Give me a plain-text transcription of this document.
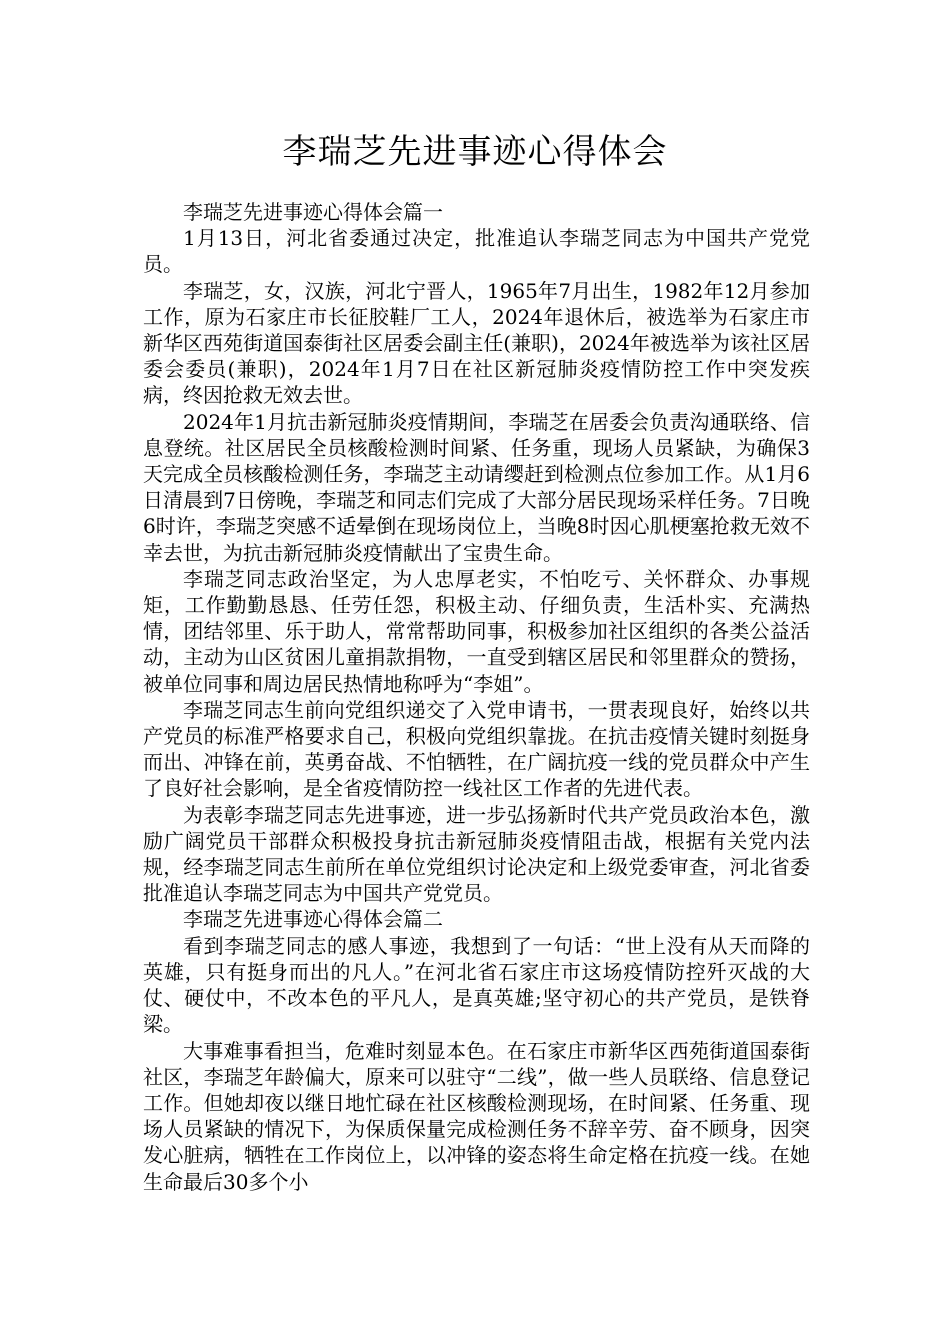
李瑞芝先进事迹心得体会

李瑞芝先进事迹心得体会篇一

1月13日，河北省委通过决定，批准追认李瑞芝同志为中国共产党党员。

李瑞芝，女，汉族，河北宁晋人，1965年7月出生，1982年12月参加工作，原为石家庄市长征胶鞋厂工人，2024年退休后，被选举为石家庄市新华区西苑街道国泰街社区居委会副主任(兼职)，2024年被选举为该社区居委会委员(兼职)，2024年1月7日在社区新冠肺炎疫情防控工作中突发疾病，终因抢救无效去世。

2024年1月抗击新冠肺炎疫情期间，李瑞芝在居委会负责沟通联络、信息登统。社区居民全员核酸检测时间紧、任务重，现场人员紧缺，为确保3天完成全员核酸检测任务，李瑞芝主动请缨赶到检测点位参加工作。从1月6日清晨到7日傍晚，李瑞芝和同志们完成了大部分居民现场采样任务。7日晚6时许，李瑞芝突感不适晕倒在现场岗位上，当晚8时因心肌梗塞抢救无效不幸去世，为抗击新冠肺炎疫情献出了宝贵生命。

李瑞芝同志政治坚定，为人忠厚老实，不怕吃亏、关怀群众、办事规矩，工作勤勤恳恳、任劳任怨，积极主动、仔细负责，生活朴实、充满热情，团结邻里、乐于助人，常常帮助同事，积极参加社区组织的各类公益活动，主动为山区贫困儿童捐款捐物，一直受到辖区居民和邻里群众的赞扬，被单位同事和周边居民热情地称呼为“李姐”。

李瑞芝同志生前向党组织递交了入党申请书，一贯表现良好，始终以共产党员的标准严格要求自己，积极向党组织靠拢。在抗击疫情关键时刻挺身而出、冲锋在前，英勇奋战、不怕牺牲，在广阔抗疫一线的党员群众中产生了良好社会影响，是全省疫情防控一线社区工作者的先进代表。

为表彰李瑞芝同志先进事迹，进一步弘扬新时代共产党员政治本色，激励广阔党员干部群众积极投身抗击新冠肺炎疫情阻击战，根据有关党内法规，经李瑞芝同志生前所在单位党组织讨论决定和上级党委审查，河北省委批准追认李瑞芝同志为中国共产党党员。

李瑞芝先进事迹心得体会篇二

看到李瑞芝同志的感人事迹，我想到了一句话：“世上没有从天而降的英雄，只有挺身而出的凡人。”在河北省石家庄市这场疫情防控歼灭战的大仗、硬仗中，不改本色的平凡人，是真英雄;坚守初心的共产党员，是铁脊梁。

大事难事看担当，危难时刻显本色。在石家庄市新华区西苑街道国泰街社区，李瑞芝年龄偏大，原来可以驻守“二线”，做一些人员联络、信息登记工作。但她却夜以继日地忙碌在社区核酸检测现场，在时间紧、任务重、现场人员紧缺的情况下，为保质保量完成检测任务不辞辛劳、奋不顾身，因突发心脏病，牺牲在工作岗位上，以冲锋的姿态将生命定格在抗疫一线。在她生命最后30多个小
